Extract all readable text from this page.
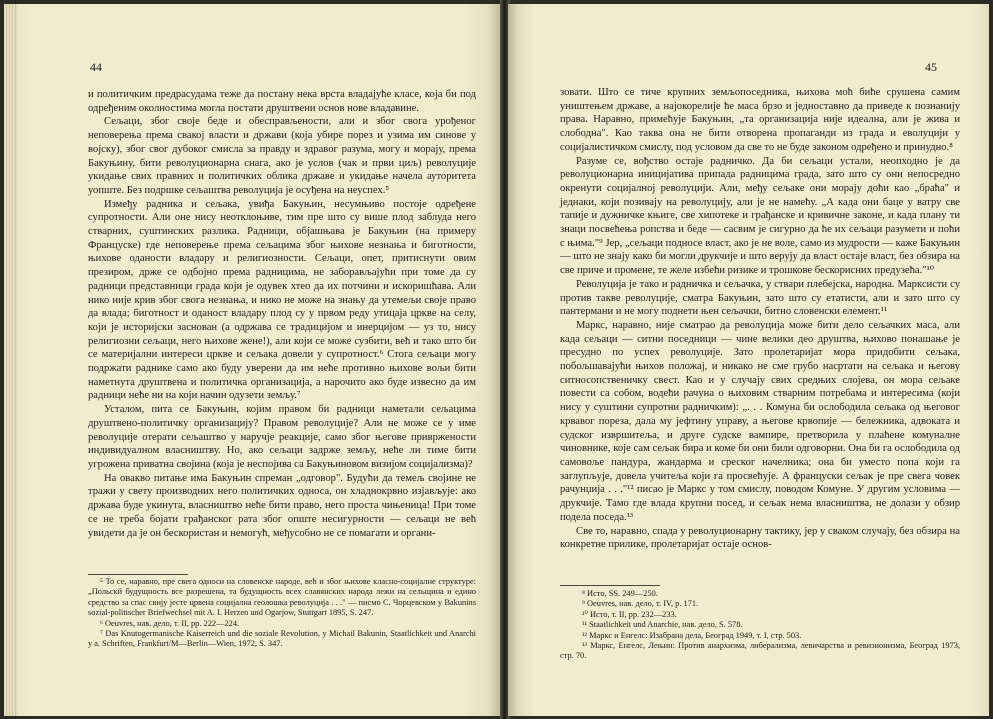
44

и политичким предрасудама теже да постану нека врста владајуће класе, која би под одређеним околностима могла постати друштвени основ нове владавине.

Сељаци, због своје беде и обесправљености, али и због свога урођеног неповерења према свакој власти и држави (која убире порез и узима им синове у војску), због свог дубоког смисла за правду и здравог разума, могу и морају, према Бакуњину, бити револуционарна снага, ако је услов (чак и први циљ) револуције укидање свих правних и политичких облика државе и укидање начела ауторитета уопште. Без подршке сељаштва револуција је осуђена на неуспех.⁵

Између радника и сељака, увиђа Бакуњин, несумњиво постоје одређене супротности. Али оне нису неотклоњиве, тим пре што су више плод заблуда него стварних, суштинских разлика. Радници, објашњава је Бакуњин (на примеру Француске) где неповерење према сељацима због њихове незнања и биготности, њихове оданости владару и религиозности. Сељаци, опет, притиснути овим презиром, држе се одбојно према радницима, не заборављајући при томе да су радници представници града који је одувек хтео да их потчини и искоришћава. Али нико није крив због свога незнања, и нико не може на знању да утемељи своје право да влада; биготност и оданост владару плод су у првом реду утицаја цркве на селу, који је историјски заснован (а одржава се традицијом и инерцијом — уз то, нису религиозни сељаци, него њихове жене!), али који се може сузбити, већ и тако што би се материјални интереси цркве и сељака довели у супротност.⁶ Стога сељаци могу подржати раднике само ако буду уверени да им неће противно њихове вољи бити наметнута друштвена и политичка организација, а нарочито ако буде извесно да им радници неће ни на који начин одузети земљу.⁷

Усталом, пита се Бакуњин, којим правом би радници наметали сељацима друштвено-политичку организацију? Правом револуције? Али не може се у име револуције отерати сељаштво у наручје реакције, само због његове привржености индивидуалном власништву. Но, ако сељаци задрже земљу, неће ли тиме бити угрожена приватна својина (која је неспојива са Бакуњиновом визијом социјализма)?

На овакво питање има Бакуњин спреман „одговор". Будући да темељ својине не тражи у свету производних него политичких односа, он хладнокрвно изјављује: ако држава буде укинута, власништво неће бити право, него проста чињеница! При томе се не треба бојати грађанског рата због опште несигурности — сељаци не већ увидети да је он бескористан и немогућ, међусобно не се помагати и органи-

⁵ То се, наравно, пре свега односи на словенске народе, већ и због њихове класно-социјалне структуре: „Польскй будущность все разрешена, та будущность всех славянских народа лежи на сельщина и едино средство за спас свију јесте црвена социјална геолошка револуција . . ." — писмо С. Чорцевском у Bakunins sozial-politischer Briefwechsel mit A. I. Herzen und Ogarjow, Stuttgart 1895, S. 247.

⁶ Oeuvres, нав. дело, т. II, рр. 222—224.

⁷ Das Knutogermanische Kaiserreich und die soziale Revolution, у Michail Bakunin, Staatlichkeit und Anarchi у a. Schriften, Frankfurt/M—Berlin—Wien, 1972, S. 347.

45

зовати. Што се тиче крупних земљопоседника, њихова моћ биће срушена самим уништењем државе, а најокорелије ће маса брзо и једноставно да приведе к познанију права. Наравно, примећује Бакуњин, „та организација није идеална, али је жива и слободна". Као таква она не бити отворена пропаганди из града и еволуцији у социјалистичком смислу, под условом да све то не буде законом одређено и принудно.⁸

Разуме се, вођство остаје радничко. Да би сељаци устали, неопходно је да револуционарна иницијатива припада радницима града, зато што су они непосредно окренути социјалној револуцији. Али, међу сељаке они морају доћи као „браћа" и једнаки, који позивају на револуцију, али је не намећу. „А када они баце у ватру све тапије и дужничке књиге, све хипотеке и грађанске и кривичне законе, и када плану ти знаци посвећења ропства и беде — сасвим је сигурно да ће их сељаци разумети и поћи с њима."⁹ Јер, „сељаци подносе власт, ако је не воле, само из мудрости — каже Бакуњин — што не знају како би могли друкчије и што верују да власт остаје власт, без обзира на све приче и промене, те желе избећи ризике и трошкове бескорисних предузећа."¹⁰

Револуција је тако и радничка и сељачка, у ствари плебејска, народна. Марксисти су против такве револуције, сматра Бакуњин, зато што су етатисти, али и зато што су пантермани и не могу поднети њен сељачки, битно словенски елемент.¹¹

Маркс, наравно, није сматрао да револуција може бити дело сељачких маса, али када сељаци — ситни поседници — чине велики део друштва, њихово понашање је пресудно по успех револуције. Зато пролетаријат мора придобити сељака, побољшавајући њихов положај, и никако не сме грубо насртати на сељака и његову ситносопственичку свест. Као и у случају свих средњих слојева, он мора сељаке повести са собом, водећи рачуна о њиховим стварним потребама и интересима (који нису у суштини супротни радничким): „. . . Комуна би ослободила сељака од његовог крвавог пореза, дала му јефтину управу, а његове крвопије — бележника, адвоката и судског извршитеља, и друге судске вампире, претворила у плаћене комуналне чиновнике, које сам сељак бира и коме би они били одговорни. Она би га ослободила од самовоље пандура, жандарма и среског начелника; она би уместо попа који га заглупљује, довела учитеља који га просвећује. А француски сељак је пре свега човек рачунџија . . ."¹² писао је Маркс у том смислу, поводом Комуне. У другим условима — друкчије. Тамо где влада крупни посед, и сељак нема власништва, не долази у обзир подела поседа.¹³

Све то, наравно, спада у револуционарну тактику, јер у сваком случају, без обзира на конкретне прилике, пролетаријат остаје основ-

⁸ Исто, SS. 249—250.

⁹ Oeuvres, нав. дело, т. IV, р. 171.

¹⁰ Исто, т. II, рр. 232—233.

¹¹ Staatlichkeit und Anarchie, нав. дело, S. 578.

¹² Маркс и Енгелс: Изабрана дела, Београд 1949, т. I, стр. 503.

¹³ Маркс, Енгелс, Лењин: Против анархизма, либерализма, левичарства и ревизионизма, Београд 1973, стр. 70.
